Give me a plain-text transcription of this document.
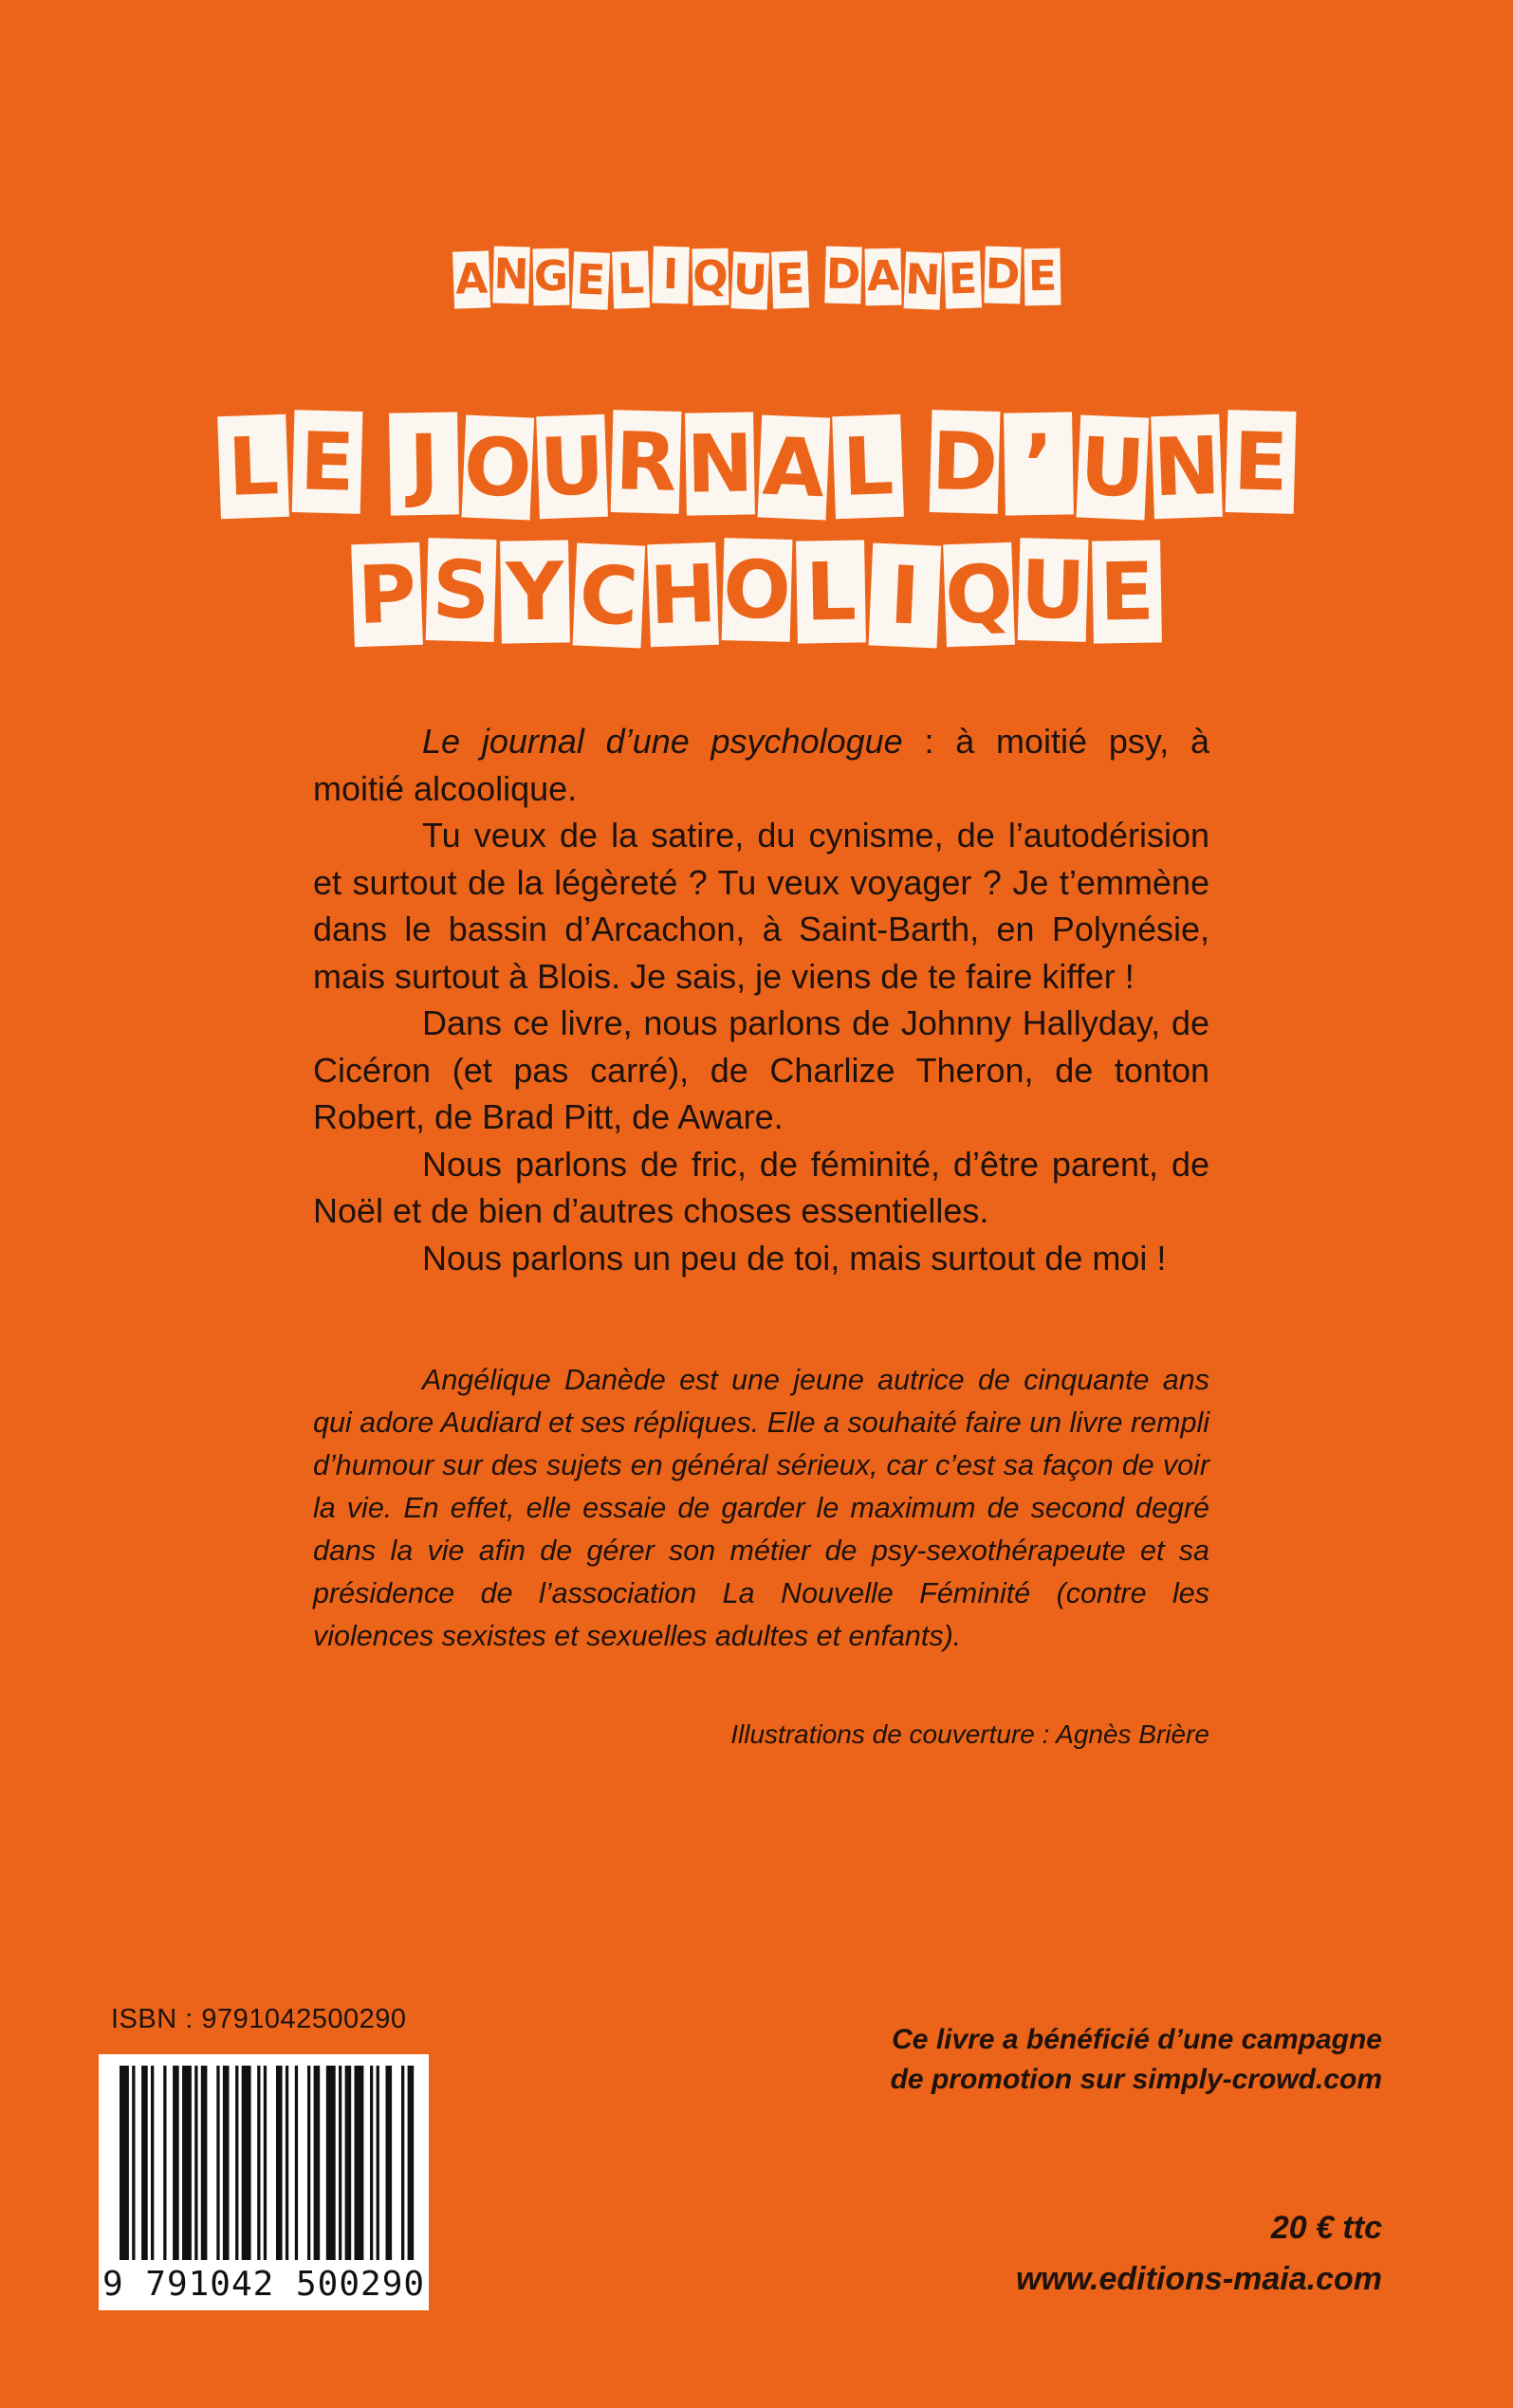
A N G E L I Q U E D A N E D E
L E J O U R N A L D ’ U N E
P S Y C H O L I Q U E

Le journal d’une psychologue : à moitié psy, à moitié alcoolique.

Tu veux de la satire, du cynisme, de l’autodérision et surtout de la légèreté ? Tu veux voyager ? Je t’emmène dans le bassin d’Arcachon, à Saint-Barth, en Polynésie, mais surtout à Blois. Je sais, je viens de te faire kiffer !

Dans ce livre, nous parlons de Johnny Hallyday, de Cicéron (et pas carré), de Charlize Theron, de tonton Robert, de Brad Pitt, de Aware.

Nous parlons de fric, de féminité, d’être parent, de Noël et de bien d’autres choses essentielles.

Nous parlons un peu de toi, mais surtout de moi !

Angélique Danède est une jeune autrice de cinquante ans qui adore Audiard et ses répliques. Elle a souhaité faire un livre rempli d’humour sur des sujets en général sérieux, car c’est sa façon de voir la vie. En effet, elle essaie de garder le maximum de second degré dans la vie afin de gérer son métier de psy-sexothérapeute et sa présidence de l’association La Nouvelle Féminité (contre les violences sexistes et sexuelles adultes et enfants).

Illustrations de couverture : Agnès Brière
ISBN : 9791042500290
9 791042 500290
Ce livre a bénéficié d’une campagne
de promotion sur simply-crowd.com
20 € ttc
www.editions-maia.com
